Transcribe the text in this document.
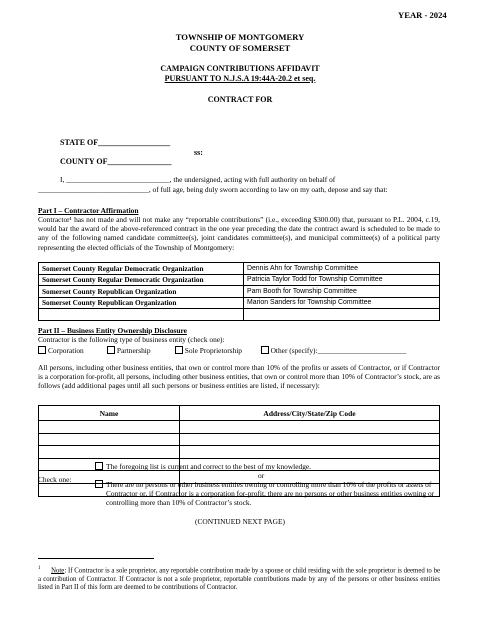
YEAR - 2024
TOWNSHIP OF MONTGOMERY
COUNTY OF SOMERSET
CAMPAIGN CONTRIBUTIONS AFFIDAVIT
PURSUANT TO N.J.S.A 19:44A-20.2 et seq.
CONTRACT FOR
STATE OF__________________
ss:
COUNTY OF________________
I, ____________________________, the undersigned, acting with full authority on behalf of
______________________________, of full age, being duly sworn according to law on my oath, depose and say that:
Part I – Contractor Affirmation
Contractor¹ has not made and will not make any “reportable contributions” (i.e., exceeding $300.00) that, pursuant to P.L. 2004, c.19, would bar the award of the above-referenced contract in the one year preceding the date the contract award is scheduled to be made to any of the following named candidate committee(s), joint candidates committee(s), and municipal committee(s) of a political party representing the elected officials of the Township of Montgomery:
Somerset County Regular Democratic Organization	Dennis Ahn for Township Committee
Somerset County Regular Democratic Organization	Patricia Taylor Todd for Township Committee
Somerset County Republican Organization	Pam Booth for Township Committee
Somerset County Republican Organization	Marion Sanders for Township Committee

Part II – Business Entity Ownership Disclosure
Contractor is the following type of business entity (check one):
Corporation	Partnership	Sole Proprietorship	Other (specify):________________________
All persons, including other business entities, that own or control more than 10% of the profits or assets of Contractor, or if Contractor is a corporation for-profit, all persons, including other business entities, that own or control more than 10% of Contractor’s stock, are as follows (add additional pages until all such persons or business entities are listed, if necessary):
Name	Address/City/State/Zip Code

Check one:
The foregoing list is current and correct to the best of my knowledge.
or
There are no persons or other business entities owning or controlling more than 10% of the profits or assets of Contractor or, if Contractor is a corporation for-profit, there are no persons or other business entities owning or controlling more than 10% of Contractor’s stock.
(CONTINUED NEXT PAGE)
$^1$ Note: If Contractor is a sole proprietor, any reportable contribution made by a spouse or child residing with the sole proprietor is deemed to be a contribution of Contractor. If Contractor is not a sole proprietor, reportable contributions made by any of the persons or other business entities listed in Part II of this form are deemed to be contributions of Contractor.
